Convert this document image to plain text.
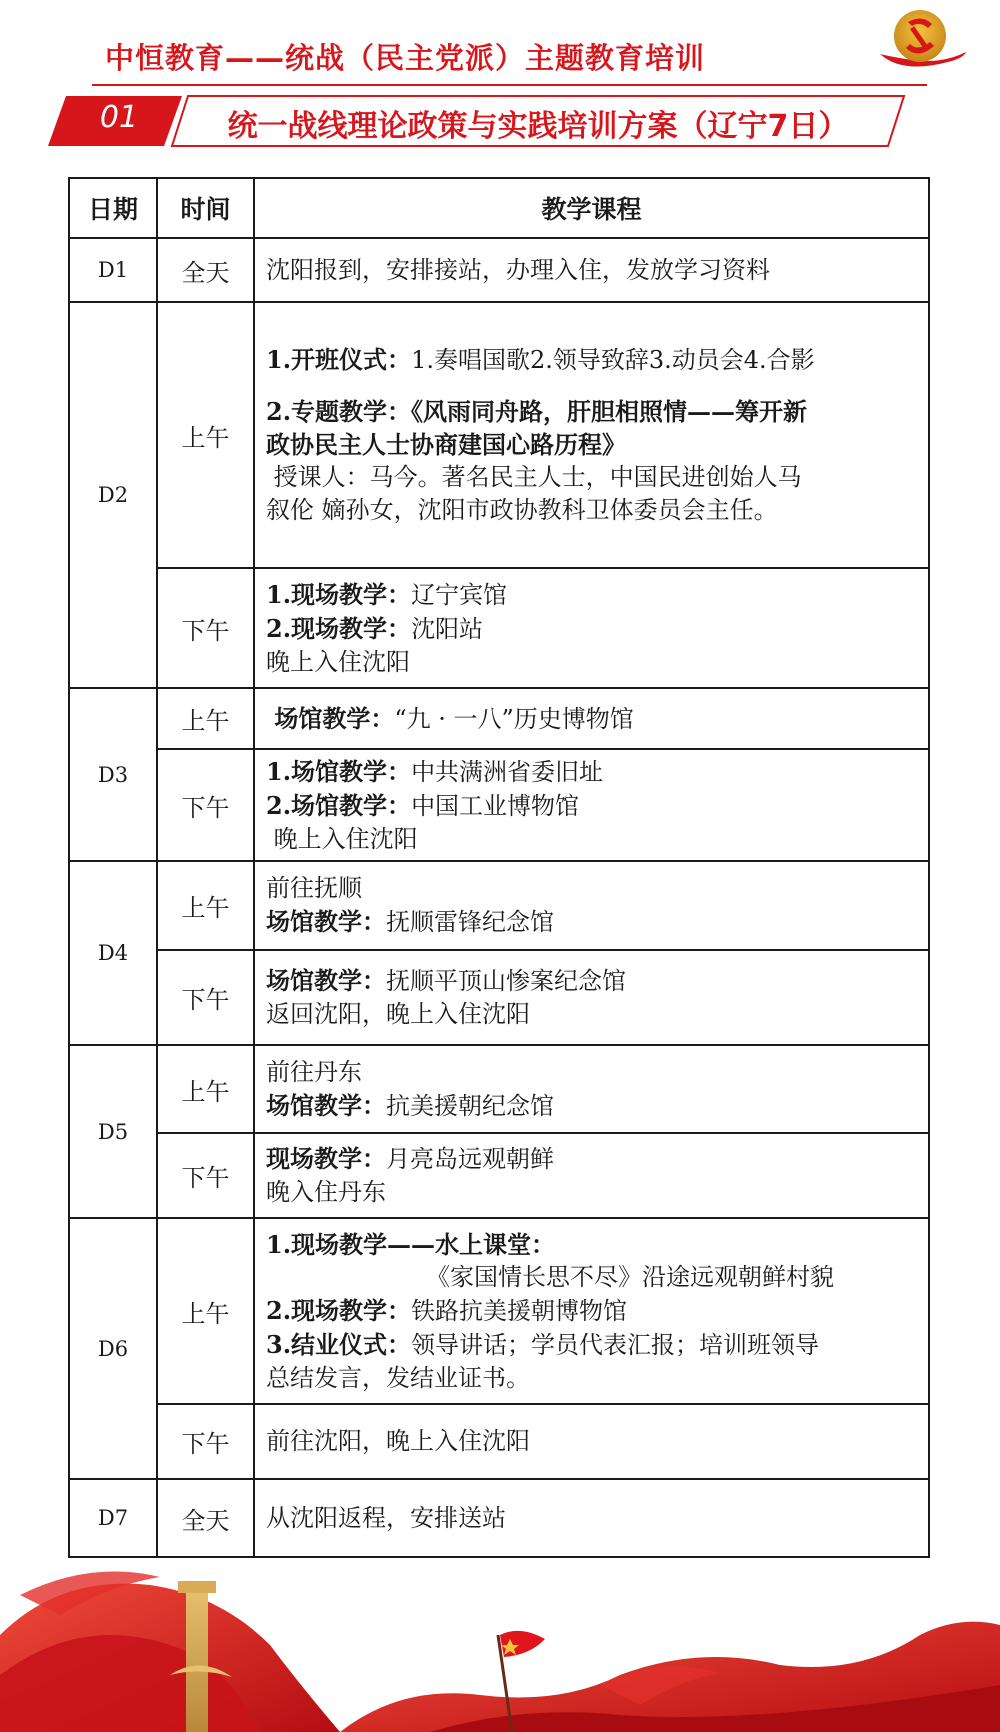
中恒教育——统战（民主党派）主题教育培训
01	统一战线理论政策与实践培训方案（辽宁7日）
日期	时间	教学课程
D1	全天	沈阳报到，安排接站，办理入住，发放学习资料

D2	上午	1.开班仪式：1.奏唱国歌2.领导致辞3.动员会4.合影
2.专题教学：《风雨同舟路，肝胆相照情——筹开新
政协民主人士协商建国心路历程》
授课人：马今。著名民主人士，中国民进创始人马
叙伦 嫡孙女，沈阳市政协教科卫体委员会主任。

	下午	1.现场教学：辽宁宾馆
2.现场教学：沈阳站
晚上入住沈阳

D3	上午	场馆教学：“九 · 一八”历史博物馆

	下午	1.场馆教学：中共满洲省委旧址
2.场馆教学：中国工业博物馆
晚上入住沈阳

D4	上午	前往抚顺
场馆教学：抚顺雷锋纪念馆

	下午	场馆教学：抚顺平顶山惨案纪念馆
返回沈阳，晚上入住沈阳

D5	上午	前往丹东
场馆教学：抗美援朝纪念馆

	下午	现场教学：月亮岛远观朝鲜
晚入住丹东

D6	上午	1.现场教学——水上课堂：
《家国情长思不尽》沿途远观朝鲜村貌
2.现场教学：铁路抗美援朝博物馆
3.结业仪式：领导讲话；学员代表汇报；培训班领导
总结发言，发结业证书。

	下午	前往沈阳，晚上入住沈阳

D7	全天	从沈阳返程，安排送站
